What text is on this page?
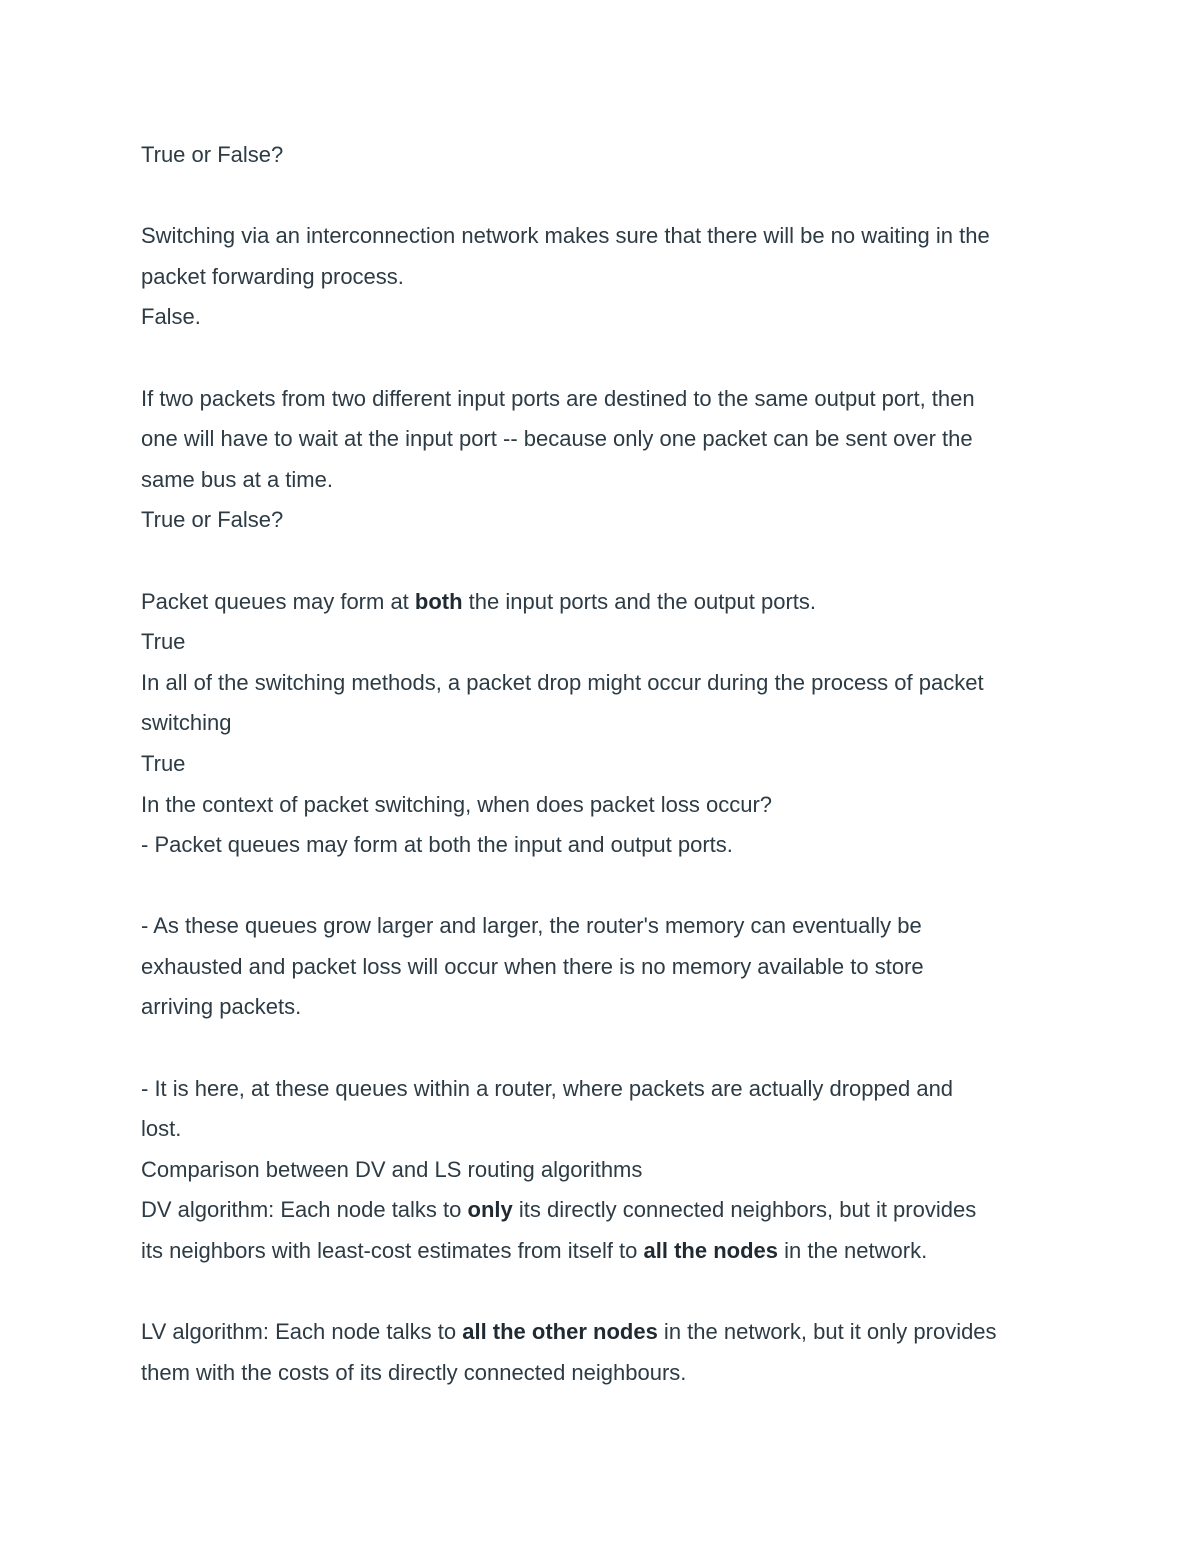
True or False?
Switching via an interconnection network makes sure that there will be no waiting in the
packet forwarding process.
False.
If two packets from two different input ports are destined to the same output port, then
one will have to wait at the input port -- because only one packet can be sent over the
same bus at a time.
True or False?
Packet queues may form at both the input ports and the output ports.
True
In all of the switching methods, a packet drop might occur during the process of packet
switching
True
In the context of packet switching, when does packet loss occur?
- Packet queues may form at both the input and output ports.
- As these queues grow larger and larger, the router's memory can eventually be
exhausted and packet loss will occur when there is no memory available to store
arriving packets.
- It is here, at these queues within a router, where packets are actually dropped and
lost.
Comparison between DV and LS routing algorithms
DV algorithm: Each node talks to only its directly connected neighbors, but it provides
its neighbors with least-cost estimates from itself to all the nodes in the network.
LV algorithm: Each node talks to all the other nodes in the network, but it only provides
them with the costs of its directly connected neighbours.
